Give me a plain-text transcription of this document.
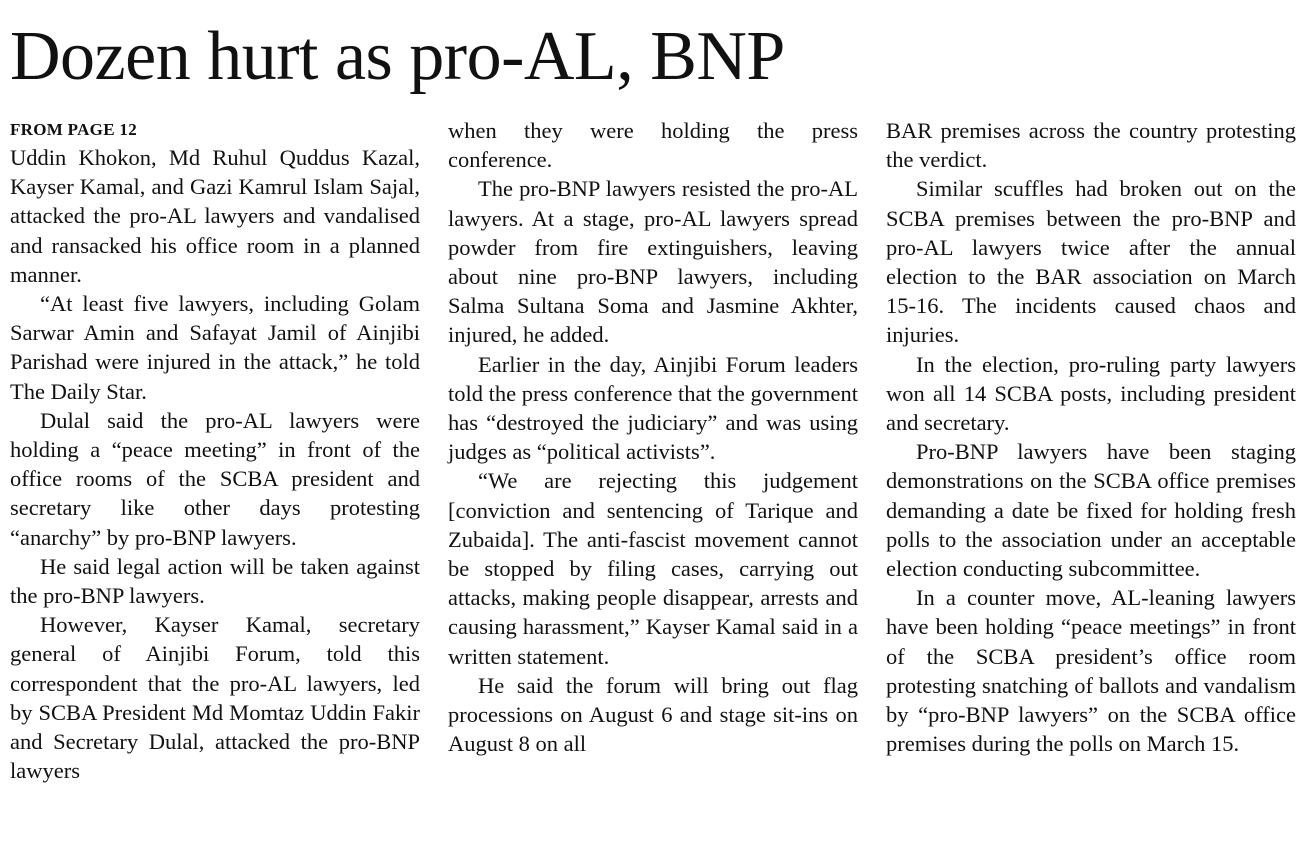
Dozen hurt as pro-AL, BNP
FROM PAGE 12

Uddin Khokon, Md Ruhul Quddus Kazal, Kayser Kamal, and Gazi Kamrul Islam Sajal, attacked the pro-AL lawyers and vandalised and ransacked his office room in a planned manner.

“At least five lawyers, including Golam Sarwar Amin and Safayat Jamil of Ainjibi Parishad were injured in the attack,” he told The Daily Star.

Dulal said the pro-AL lawyers were holding a “peace meeting” in front of the office rooms of the SCBA president and secretary like other days protesting “anarchy” by pro-BNP lawyers.

He said legal action will be taken against the pro-BNP lawyers.

However, Kayser Kamal, secretary general of Ainjibi Forum, told this correspondent that the pro-AL lawyers, led by SCBA President Md Momtaz Uddin Fakir and Secretary Dulal, attacked the pro-BNP lawyers

when they were holding the press conference.

The pro-BNP lawyers resisted the pro-AL lawyers. At a stage, pro-AL lawyers spread powder from fire extinguishers, leaving about nine pro-BNP lawyers, including Salma Sultana Soma and Jasmine Akhter, injured, he added.

Earlier in the day, Ainjibi Forum leaders told the press conference that the government has “destroyed the judiciary” and was using judges as “political activists”.

“We are rejecting this judgement [conviction and sentencing of Tarique and Zubaida]. The anti-fascist movement cannot be stopped by filing cases, carrying out attacks, making people disappear, arrests and causing harassment,” Kayser Kamal said in a written statement.

He said the forum will bring out flag processions on August 6 and stage sit-ins on August 8 on all

BAR premises across the country protesting the verdict.

Similar scuffles had broken out on the SCBA premises between the pro-BNP and pro-AL lawyers twice after the annual election to the BAR association on March 15-16. The incidents caused chaos and injuries.

In the election, pro-ruling party lawyers won all 14 SCBA posts, including president and secretary.

Pro-BNP lawyers have been staging demonstrations on the SCBA office premises demanding a date be fixed for holding fresh polls to the association under an acceptable election conducting subcommittee.

In a counter move, AL-leaning lawyers have been holding “peace meetings” in front of the SCBA president’s office room protesting snatching of ballots and vandalism by “pro-BNP lawyers” on the SCBA office premises during the polls on March 15.
